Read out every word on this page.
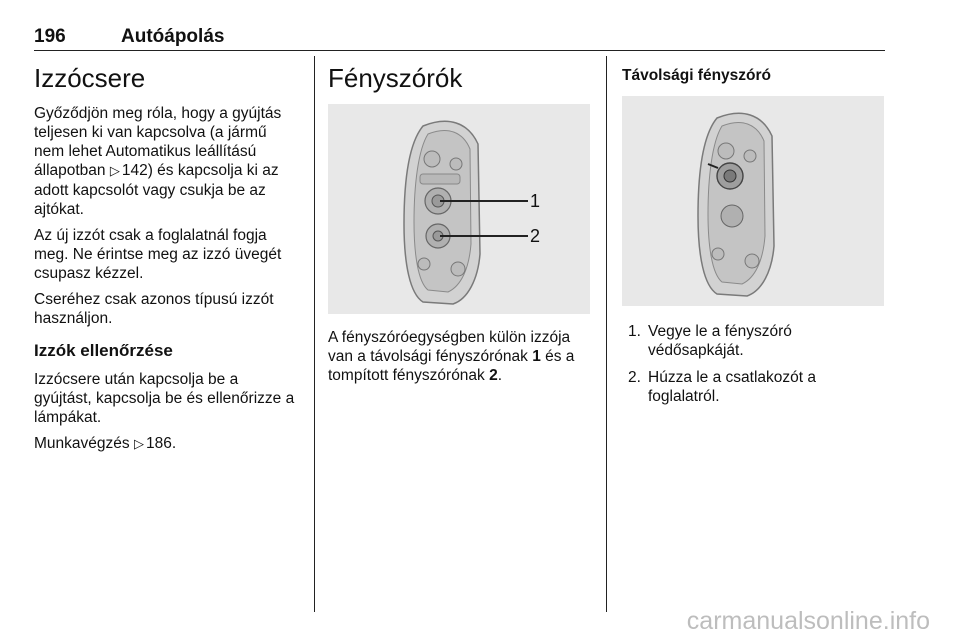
196	Autóápolás
Izzócsere

Győződjön meg róla, hogy a gyújtás teljesen ki van kapcsolva (a jármű nem lehet Automatikus leállítású állapotban ▷ 142) és kapcsolja ki az adott kapcsolót vagy csukja be az ajtókat.

Az új izzót csak a foglalatnál fogja meg. Ne érintse meg az izzó üvegét csupasz kézzel.

Cseréhez csak azonos típusú izzót használjon.

Izzók ellenőrzése

Izzócsere után kapcsolja be a gyújtást, kapcsolja be és ellenőrizze a lámpákat.

Munkavégzés ▷ 186.

Fényszórók
1
2

A fényszóróegységben külön izzója van a távolsági fényszórónak 1 és a tompított fényszórónak 2.

Távolsági fényszóró
1. Vegye le a fényszóró védősapkáját.
2. Húzza le a csatlakozót a foglalatról.
carmanualsonline.info
